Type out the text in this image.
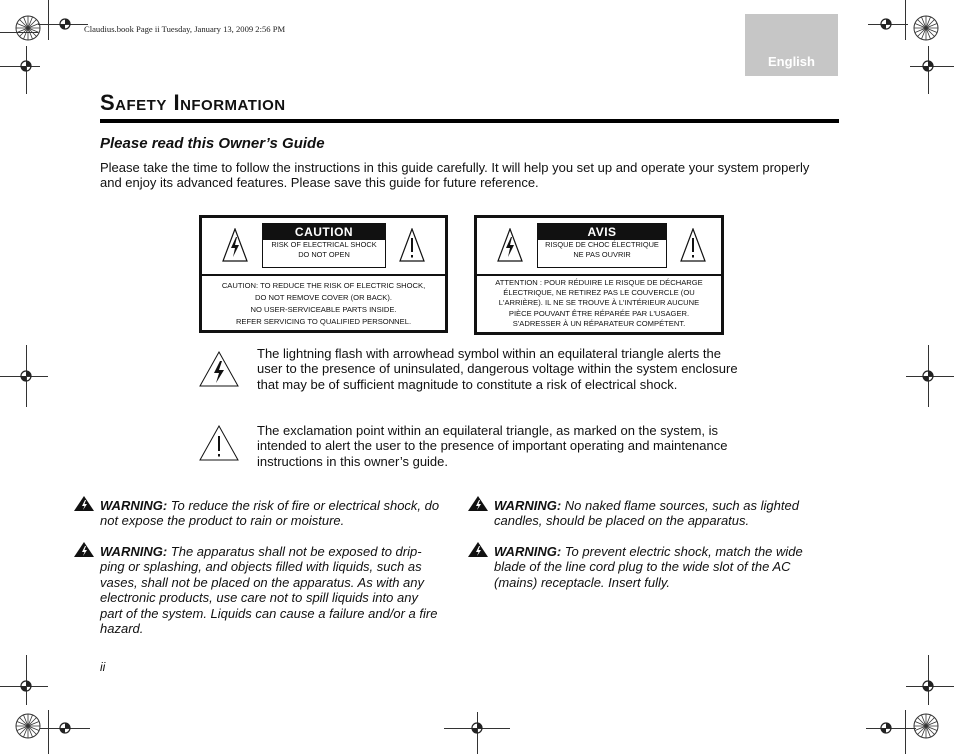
Claudius.book Page ii Tuesday, January 13, 2009 2:56 PM
English
Safety Information
Please read this Owner’s Guide
Please take the time to follow the instructions in this guide carefully. It will help you set up and operate your system properly and enjoy its advanced features. Please save this guide for future reference.
CAUTION
RISK OF ELECTRICAL SHOCK
DO NOT OPEN
CAUTION: TO REDUCE THE RISK OF ELECTRIC SHOCK,
DO NOT REMOVE COVER (OR BACK).
NO USER-SERVICEABLE PARTS INSIDE.
REFER SERVICING TO QUALIFIED PERSONNEL.
AVIS
RISQUE DE CHOC ÉLECTRIQUE
NE PAS OUVRIR
ATTENTION : POUR RÉDUIRE LE RISQUE DE DÉCHARGE
ÉLECTRIQUE, NE RETIREZ PAS LE COUVERCLE (OU
L'ARRIÈRE). IL NE SE TROUVE À L'INTÉRIEUR AUCUNE
PIÈCE POUVANT ÊTRE RÉPARÉE PAR L'USAGER.
S'ADRESSER À UN RÉPARATEUR COMPÉTENT.
The lightning flash with arrowhead symbol within an equilateral triangle alerts the user to the presence of uninsulated, dangerous voltage within the system enclosure that may be of sufficient magnitude to constitute a risk of electrical shock.
The exclamation point within an equilateral triangle, as marked on the system, is intended to alert the user to the presence of important operating and maintenance instructions in this owner’s guide.
WARNING: To reduce the risk of fire or electrical shock, do not expose the product to rain or moisture.
WARNING: The apparatus shall not be exposed to drip-ping or splashing, and objects filled with liquids, such as vases, shall not be placed on the apparatus. As with any electronic products, use care not to spill liquids into any part of the system. Liquids can cause a failure and/or a fire hazard.
WARNING: No naked flame sources, such as lighted candles, should be placed on the apparatus.
WARNING: To prevent electric shock, match the wide blade of the line cord plug to the wide slot of the AC (mains) receptacle. Insert fully.
ii
